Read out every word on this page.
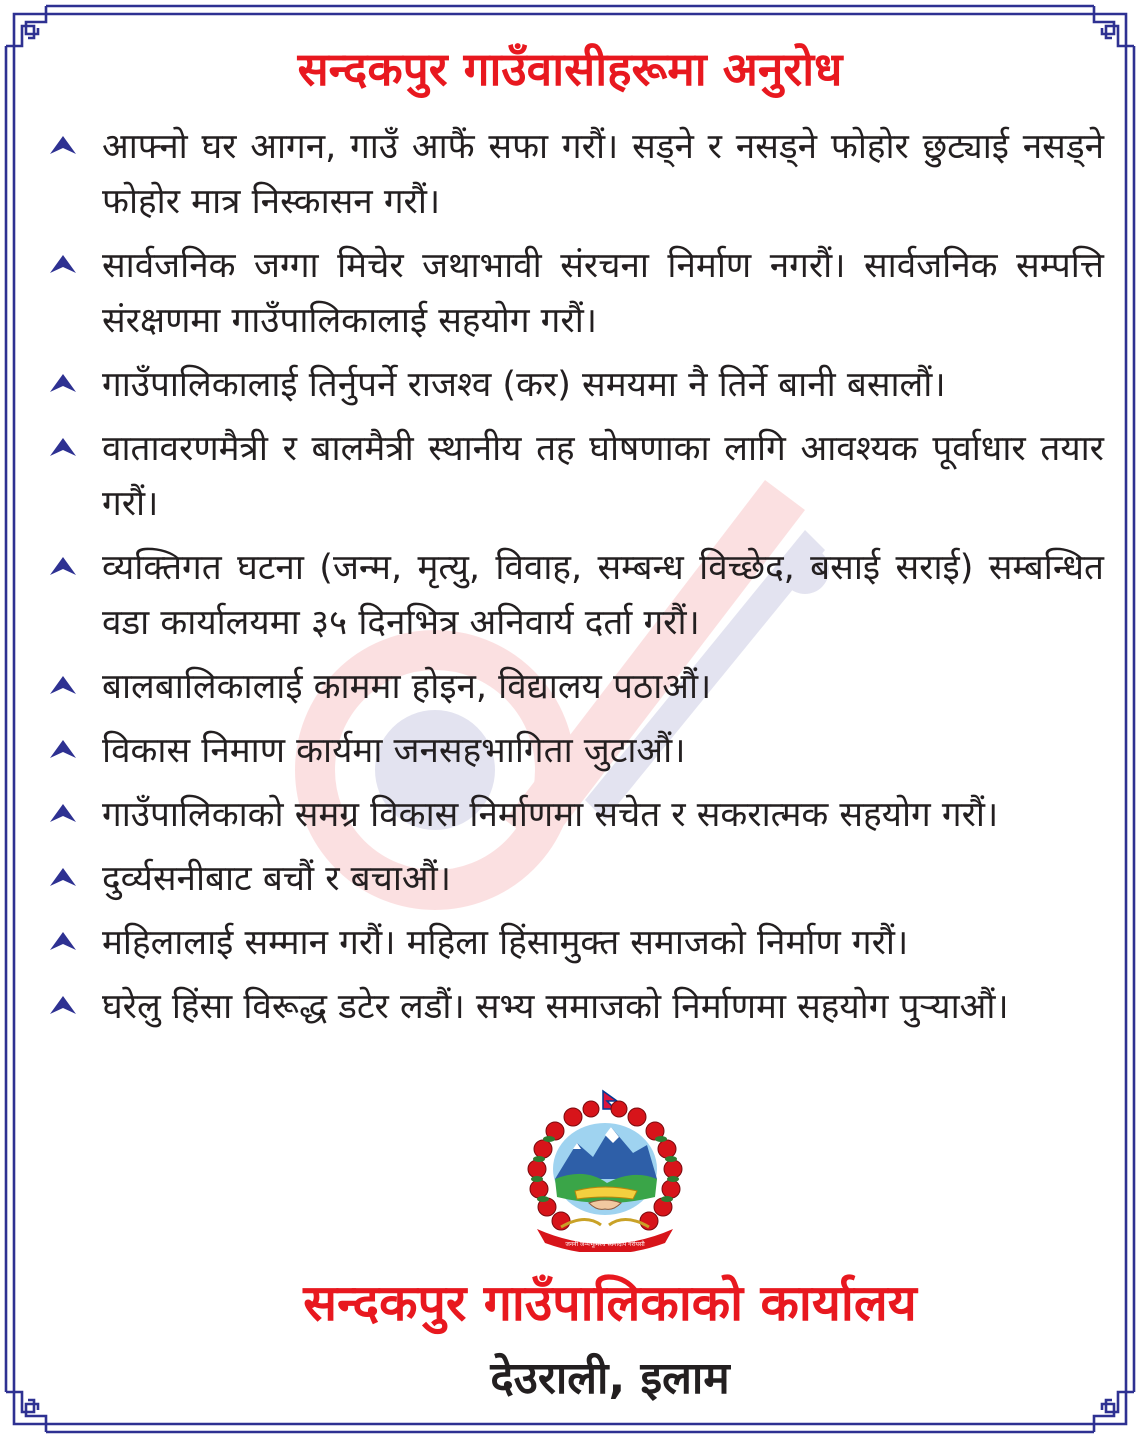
सन्दकपुर गाउँवासीहरूमा अनुरोध
आफ्नो घर आगन, गाउँ आफैं सफा गरौं। सड्ने र नसड्ने फोहोर छुट्याई नसड्ने फोहोर मात्र निस्कासन गरौं।
सार्वजनिक जग्गा मिचेर जथाभावी संरचना निर्माण नगरौं। सार्वजनिक सम्पत्ति संरक्षणमा गाउँपालिकालाई सहयोग गरौं।
गाउँपालिकालाई तिर्नुपर्ने राजश्व (कर) समयमा नै तिर्ने बानी बसालौं।
वातावरणमैत्री र बालमैत्री स्थानीय तह घोषणाका लागि आवश्यक पूर्वाधार तयार गरौं।
व्यक्तिगत घटना (जन्म, मृत्यु, विवाह, सम्बन्ध विच्छेद, बसाई सराई) सम्बन्धित वडा कार्यालयमा ३५ दिनभित्र अनिवार्य दर्ता गरौं।
बालबालिकालाई काममा होइन, विद्यालय पठाऔं।
विकास निमाण कार्यमा जनसहभागिता जुटाऔं।
गाउँपालिकाको समग्र विकास निर्माणमा सचेत र सकरात्मक सहयोग गरौं।
दुर्व्यसनीबाट बचौं र बचाऔं।
महिलालाई सम्मान गरौं। महिला हिंसामुक्त समाजको निर्माण गरौं।
घरेलु हिंसा विरूद्ध डटेर लडौं। सभ्य समाजको निर्माणमा सहयोग पुऱ्याऔं।
जननी जन्मभूमिश्च स्वर्गादपि गरीयसी
सन्दकपुर गाउँपालिकाको कार्यालय
देउराली, इलाम
